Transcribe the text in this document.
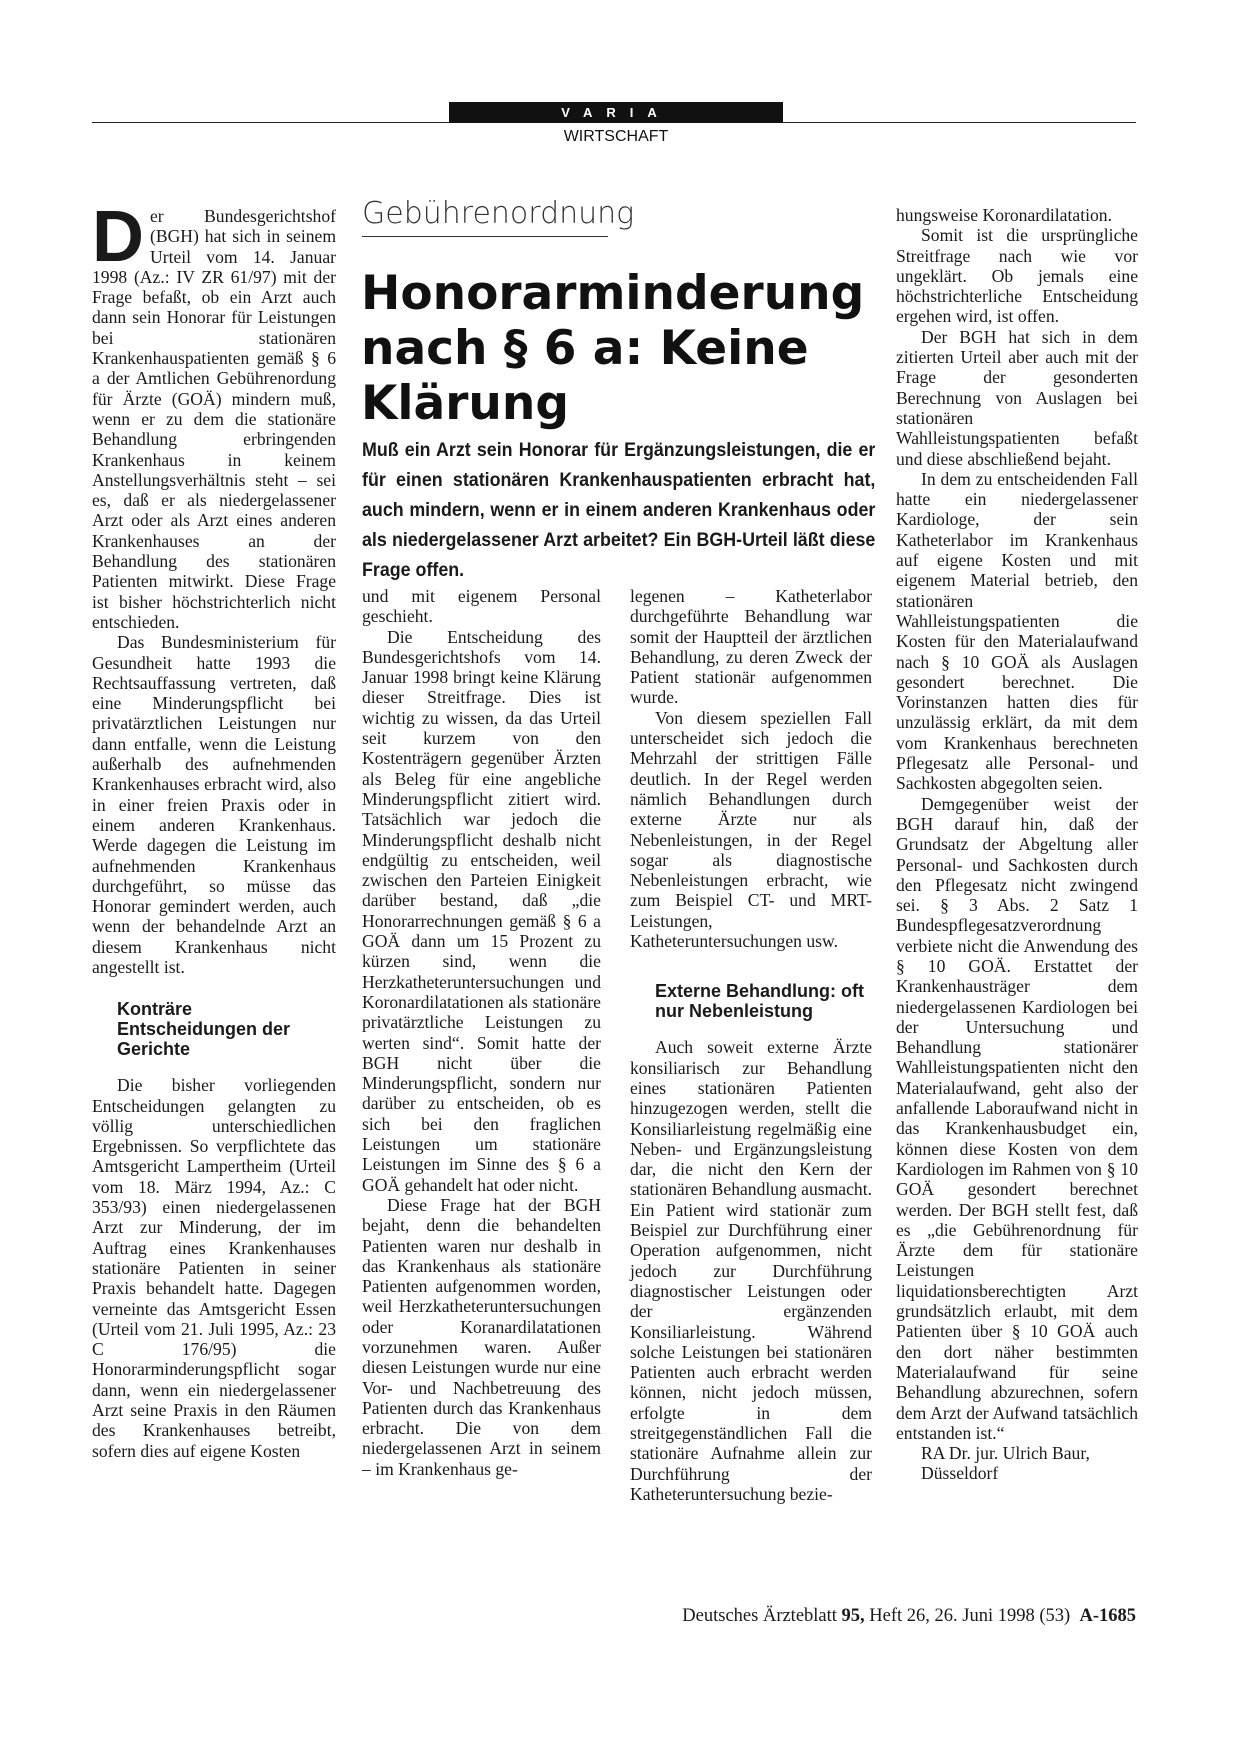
VARIA
WIRTSCHAFT

Der Bundesgerichtshof (BGH) hat sich in seinem Urteil vom 14. Januar 1998 (Az.: IV ZR 61/97) mit der Frage befaßt, ob ein Arzt auch dann sein Honorar für Leistungen bei stationären Krankenhauspatienten gemäß § 6 a der Amtlichen Gebührenordung für Ärzte (GOÄ) mindern muß, wenn er zu dem die stationäre Behandlung erbringenden Krankenhaus in keinem Anstellungsverhältnis steht – sei es, daß er als niedergelassener Arzt oder als Arzt eines anderen Krankenhauses an der Behandlung des stationären Patienten mitwirkt. Diese Frage ist bisher höchstrichterlich nicht entschieden.

Das Bundesministerium für Gesundheit hatte 1993 die Rechtsauffassung vertreten, daß eine Minderungspflicht bei privatärztlichen Leistungen nur dann entfalle, wenn die Leistung außerhalb des aufnehmenden Krankenhauses erbracht wird, also in einer freien Praxis oder in einem anderen Krankenhaus. Werde dagegen die Leistung im aufnehmenden Krankenhaus durchgeführt, so müsse das Honorar gemindert werden, auch wenn der behandelnde Arzt an diesem Krankenhaus nicht angestellt ist.

Konträre Entscheidungen der Gerichte

Die bisher vorliegenden Entscheidungen gelangten zu völlig unterschiedlichen Ergebnissen. So verpflichtete das Amtsgericht Lampertheim (Urteil vom 18. März 1994, Az.: C 353/93) einen niedergelassenen Arzt zur Minderung, der im Auftrag eines Krankenhauses stationäre Patienten in seiner Praxis behandelt hatte. Dagegen verneinte das Amtsgericht Essen (Urteil vom 21. Juli 1995, Az.: 23 C 176/95) die Honorarminderungspflicht sogar dann, wenn ein niedergelassener Arzt seine Praxis in den Räumen des Krankenhauses betreibt, sofern dies auf eigene Kosten

Gebührenordnung
Honorarminderung nach § 6 a: Keine Klärung
Muß ein Arzt sein Honorar für Ergänzungsleistungen, die er für einen stationären Krankenhauspatienten erbracht hat, auch mindern, wenn er in einem anderen Krankenhaus oder als niedergelassener Arzt arbeitet? Ein BGH-Urteil läßt diese Frage offen.

und mit eigenem Personal geschieht.

Die Entscheidung des Bundesgerichtshofs vom 14. Januar 1998 bringt keine Klärung dieser Streitfrage. Dies ist wichtig zu wissen, da das Urteil seit kurzem von den Kostenträgern gegenüber Ärzten als Beleg für eine angebliche Minderungspflicht zitiert wird. Tatsächlich war jedoch die Minderungspflicht deshalb nicht endgültig zu entscheiden, weil zwischen den Parteien Einigkeit darüber bestand, daß „die Honorarrechnungen gemäß § 6 a GOÄ dann um 15 Prozent zu kürzen sind, wenn die Herzkatheteruntersuchungen und Koronardilatationen als stationäre privatärztliche Leistungen zu werten sind“. Somit hatte der BGH nicht über die Minderungspflicht, sondern nur darüber zu entscheiden, ob es sich bei den fraglichen Leistungen um stationäre Leistungen im Sinne des § 6 a GOÄ gehandelt hat oder nicht.

Diese Frage hat der BGH bejaht, denn die behandelten Patienten waren nur deshalb in das Krankenhaus als stationäre Patienten aufgenommen worden, weil Herzkatheteruntersuchungen oder Koranardilatationen vorzunehmen waren. Außer diesen Leistungen wurde nur eine Vor- und Nachbetreuung des Patienten durch das Krankenhaus erbracht. Die von dem niedergelassenen Arzt in seinem – im Krankenhaus ge-

legenen – Katheterlabor durchgeführte Behandlung war somit der Hauptteil der ärztlichen Behandlung, zu deren Zweck der Patient stationär aufgenommen wurde.

Von diesem speziellen Fall unterscheidet sich jedoch die Mehrzahl der strittigen Fälle deutlich. In der Regel werden nämlich Behandlungen durch externe Ärzte nur als Nebenleistungen, in der Regel sogar als diagnostische Nebenleistungen erbracht, wie zum Beispiel CT- und MRT-Leistungen, Katheteruntersuchungen usw.

Externe Behandlung: oft nur Nebenleistung

Auch soweit externe Ärzte konsiliarisch zur Behandlung eines stationären Patienten hinzugezogen werden, stellt die Konsiliarleistung regelmäßig eine Neben- und Ergänzungsleistung dar, die nicht den Kern der stationären Behandlung ausmacht. Ein Patient wird stationär zum Beispiel zur Durchführung einer Operation aufgenommen, nicht jedoch zur Durchführung diagnostischer Leistungen oder der ergänzenden Konsiliarleistung. Während solche Leistungen bei stationären Patienten auch erbracht werden können, nicht jedoch müssen, erfolgte in dem streitgegenständlichen Fall die stationäre Aufnahme allein zur Durchführung der Katheteruntersuchung bezie-

hungsweise Koronardilatation.

Somit ist die ursprüngliche Streitfrage nach wie vor ungeklärt. Ob jemals eine höchstrichterliche Entscheidung ergehen wird, ist offen.

Der BGH hat sich in dem zitierten Urteil aber auch mit der Frage der gesonderten Berechnung von Auslagen bei stationären Wahlleistungspatienten befaßt und diese abschließend bejaht.

In dem zu entscheidenden Fall hatte ein niedergelassener Kardiologe, der sein Katheterlabor im Krankenhaus auf eigene Kosten und mit eigenem Material betrieb, den stationären Wahlleistungspatienten die Kosten für den Materialaufwand nach § 10 GOÄ als Auslagen gesondert berechnet. Die Vorinstanzen hatten dies für unzulässig erklärt, da mit dem vom Krankenhaus berechneten Pflegesatz alle Personal- und Sachkosten abgegolten seien.

Demgegenüber weist der BGH darauf hin, daß der Grundsatz der Abgeltung aller Personal- und Sachkosten durch den Pflegesatz nicht zwingend sei. § 3 Abs. 2 Satz 1 Bundespflegesatzverordnung verbiete nicht die Anwendung des § 10 GOÄ. Erstattet der Krankenhausträger dem niedergelassenen Kardiologen bei der Untersuchung und Behandlung stationärer Wahlleistungspatienten nicht den Materialaufwand, geht also der anfallende Laboraufwand nicht in das Krankenhausbudget ein, können diese Kosten von dem Kardiologen im Rahmen von § 10 GOÄ gesondert berechnet werden. Der BGH stellt fest, daß es „die Gebührenordnung für Ärzte dem für stationäre Leistungen liquidationsberechtigten Arzt grundsätzlich erlaubt, mit dem Patienten über § 10 GOÄ auch den dort näher bestimmten Materialaufwand für seine Behandlung abzurechnen, sofern dem Arzt der Aufwand tatsächlich entstanden ist.“

RA Dr. jur. Ulrich Baur,

Düsseldorf

Deutsches Ärzteblatt 95, Heft 26, 26. Juni 1998 (53) A-1685
